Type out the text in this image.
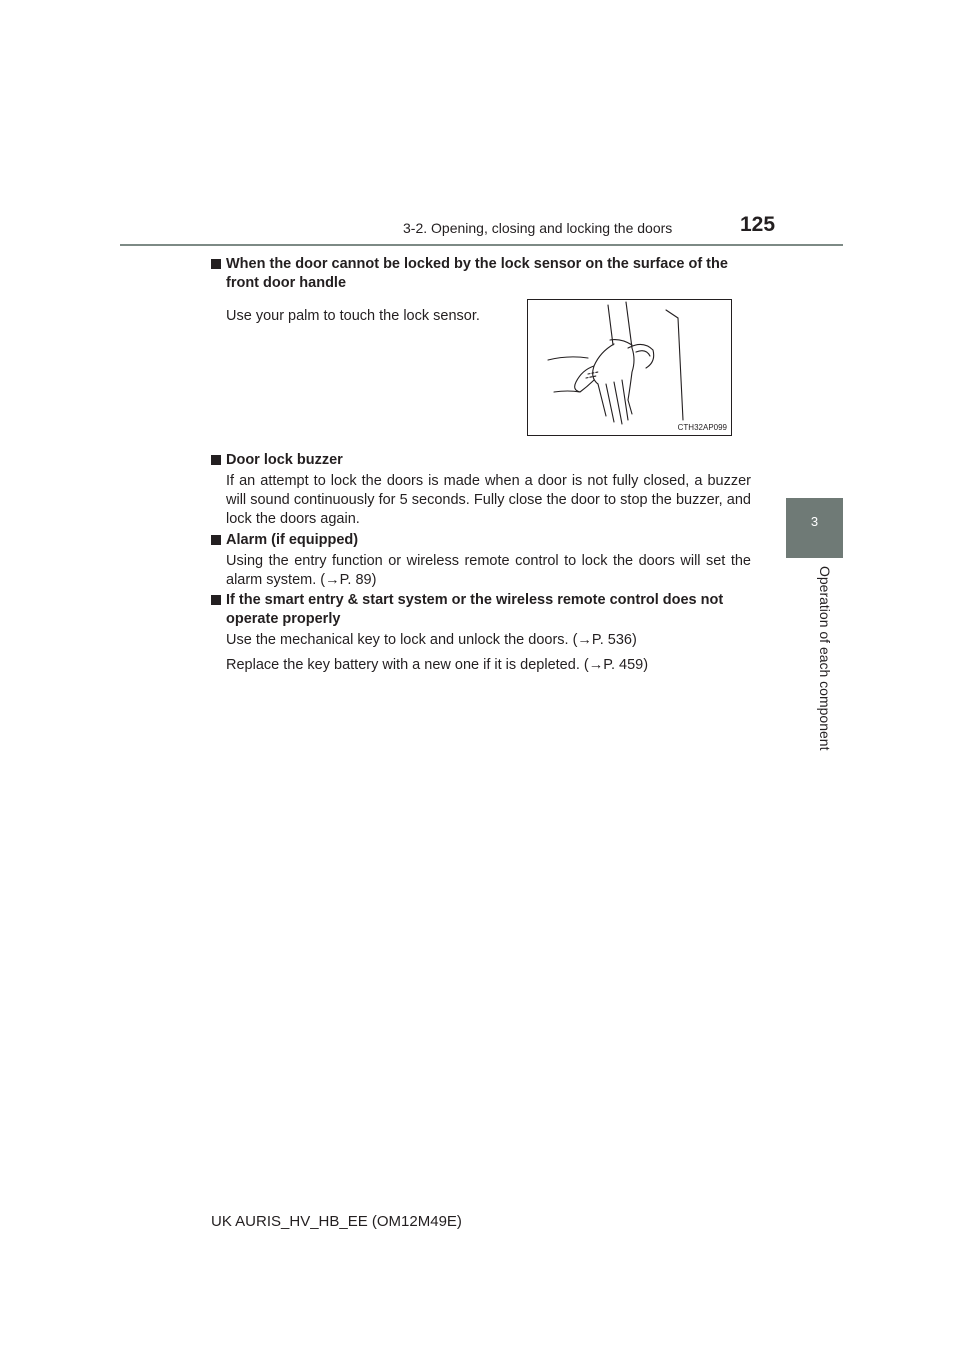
3-2. Opening, closing and locking the doors	125
3
Operation of each component
When the door cannot be locked by the lock sensor on the surface of the front door handle
Use your palm to touch the lock sensor.
CTH32AP099
Door lock buzzer
If an attempt to lock the doors is made when a door is not fully closed, a buzzer will sound continuously for 5 seconds. Fully close the door to stop the buzzer, and lock the doors again.
Alarm (if equipped)
Using the entry function or wireless remote control to lock the doors will set the alarm system. (→P. 89)
If the smart entry & start system or the wireless remote control does not operate properly
Use the mechanical key to lock and unlock the doors. (→P. 536)
Replace the key battery with a new one if it is depleted. (→P. 459)
UK AURIS_HV_HB_EE (OM12M49E)
